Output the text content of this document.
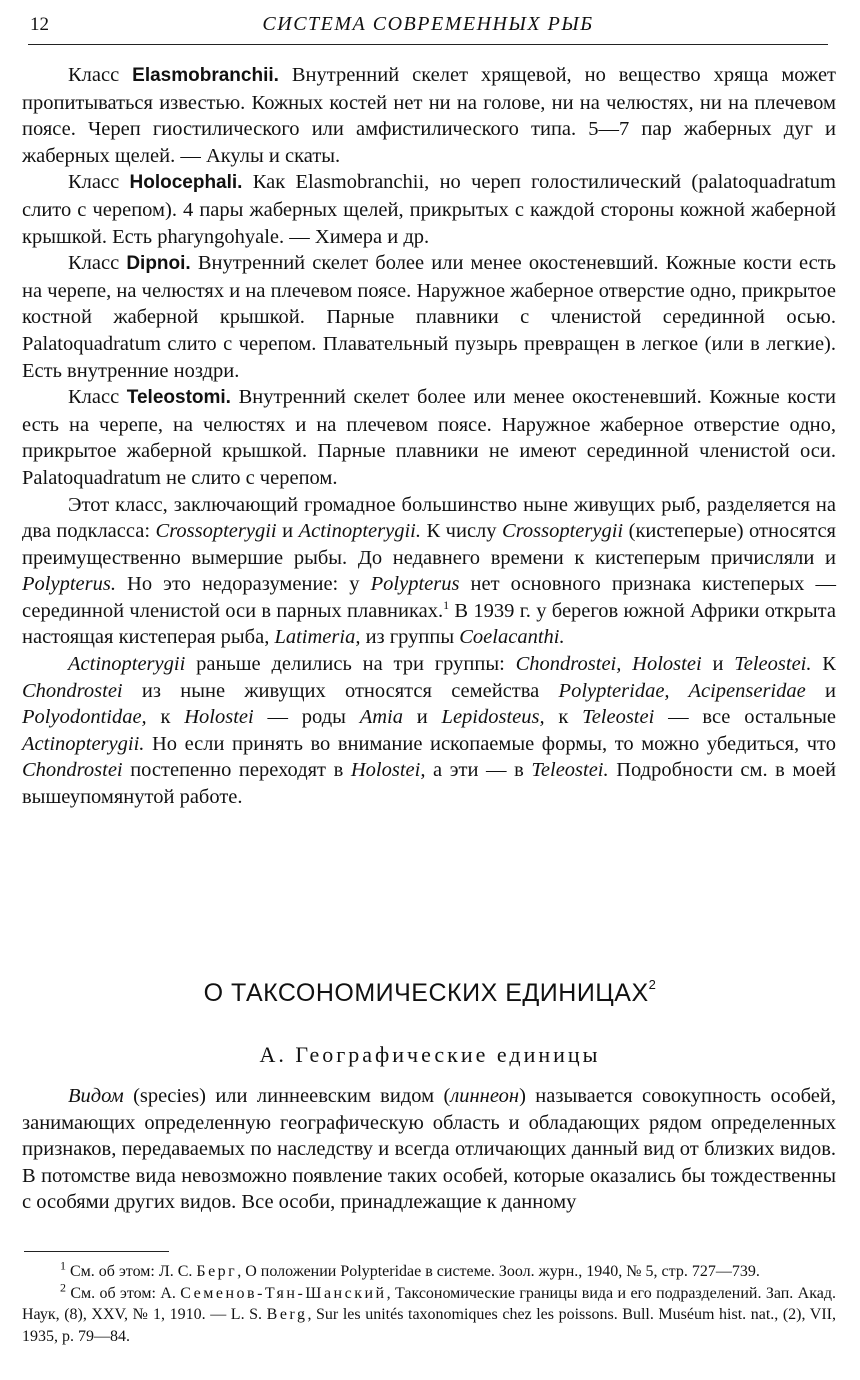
12	СИСТЕМА СОВРЕМЕННЫХ РЫБ

Класс Elasmobranchii. Внутренний скелет хрящевой, но вещество хряща может пропитываться известью. Кожных костей нет ни на голове, ни на челюстях, ни на плечевом поясе. Череп гиостилического или амфистилического типа. 5—7 пар жаберных дуг и жаберных щелей. — Акулы и скаты.

Класс Holocephali. Как Elasmobranchii, но череп голостилический (palatoquadratum слито с черепом). 4 пары жаберных щелей, прикрытых с каждой стороны кожной жаберной крышкой. Есть pharyngohyale. — Химера и др.

Класс Dipnoi. Внутренний скелет более или менее окостеневший. Кожные кости есть на черепе, на челюстях и на плечевом поясе. Наружное жаберное отверстие одно, прикрытое костной жаберной крышкой. Парные плавники с членистой серединной осью. Palatoquadratum слито с черепом. Плавательный пузырь превращен в легкое (или в легкие). Есть внутренние ноздри.

Класс Teleostomi. Внутренний скелет более или менее окостеневший. Кожные кости есть на черепе, на челюстях и на плечевом поясе. Наружное жаберное отверстие одно, прикрытое жаберной крышкой. Парные плавники не имеют серединной членистой оси. Palatoquadratum не слито с черепом.

Этот класс, заключающий громадное большинство ныне живущих рыб, разделяется на два подкласса: Crossopterygii и Actinopterygii. К числу Crossopterygii (кистеперые) относятся преимущественно вымершие рыбы. До недавнего времени к кистеперым причисляли и Polypterus. Но это недоразумение: у Polypterus нет основного признака кистеперых — серединной членистой оси в парных плавниках.$^1$ В 1939 г. у берегов южной Африки открыта настоящая кистеперая рыба, Latimeria, из группы Coelacanthi.

Actinopterygii раньше делились на три группы: Chondrostei, Holostei и Teleostei. К Chondrostei из ныне живущих относятся семейства Polypteridae, Acipenseridae и Polyodontidae, к Holostei — роды Amia и Lepidosteus, к Teleostei — все остальные Actinopterygii. Но если принять во внимание ископаемые формы, то можно убедиться, что Chondrostei постепенно переходят в Holostei, а эти — в Teleostei. Подробности см. в моей вышеупомянутой работе.

О ТАКСОНОМИЧЕСКИХ ЕДИНИЦАХ$^2$
А. Географические единицы

Видом (species) или линнеевским видом (линнеон) называется совокупность особей, занимающих определенную географическую область и обладающих рядом определенных признаков, передаваемых по наследству и всегда отличающих данный вид от близких видов. В потомстве вида невозможно появление таких особей, которые оказались бы тождественны с особями других видов. Все особи, принадлежащие к данному

$^1$ См. об этом: Л. С. Берг, О положении Polypteridae в системе. Зоол. журн., 1940, № 5, стр. 727—739.

$^2$ См. об этом: А. Семенов-Тян-Шанский, Таксономические границы вида и его подразделений. Зап. Акад. Наук, (8), XXV, № 1, 1910. — L. S. Berg, Sur les unités taxonomiques chez les poissons. Bull. Muséum hist. nat., (2), VII, 1935, p. 79—84.
